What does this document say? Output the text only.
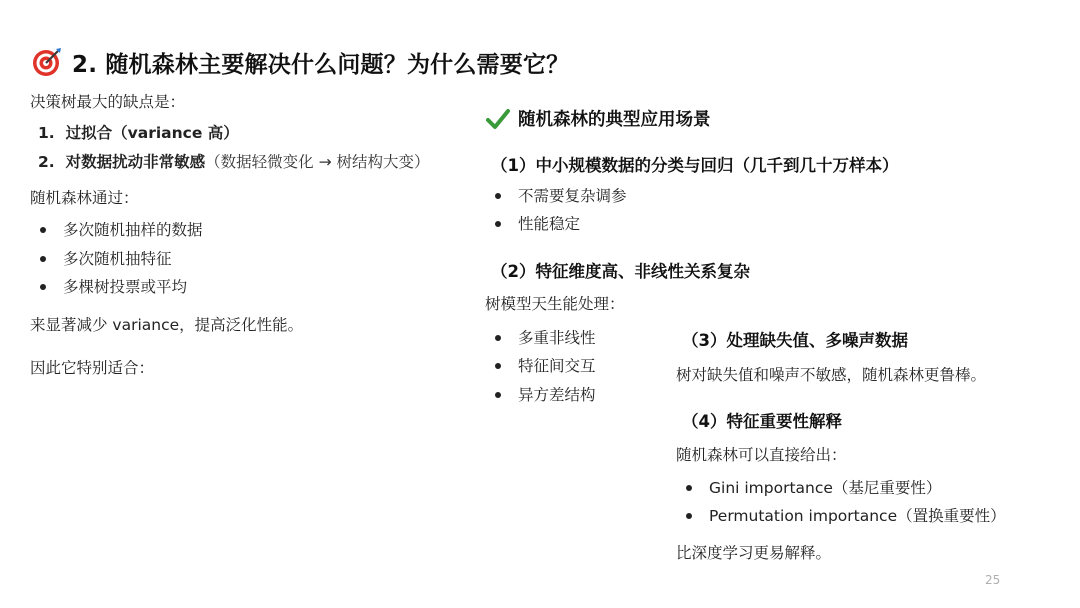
2. 随机森林主要解决什么问题？为什么需要它？
决策树最大的缺点是：
1. 过拟合（variance 高）
2. 对数据扰动非常敏感（数据轻微变化 → 树结构大变）
随机森林通过：
多次随机抽样的数据
多次随机抽特征
多棵树投票或平均
来显著减少 variance，提高泛化性能。
因此它特别适合：
随机森林的典型应用场景
（1）中小规模数据的分类与回归（几千到几十万样本）
不需要复杂调参
性能稳定
（2）特征维度高、非线性关系复杂
树模型天生能处理：
多重非线性
特征间交互
异方差结构
（3）处理缺失值、多噪声数据
树对缺失值和噪声不敏感，随机森林更鲁棒。
（4）特征重要性解释
随机森林可以直接给出：
Gini importance（基尼重要性）
Permutation importance（置换重要性）
比深度学习更易解释。
25
